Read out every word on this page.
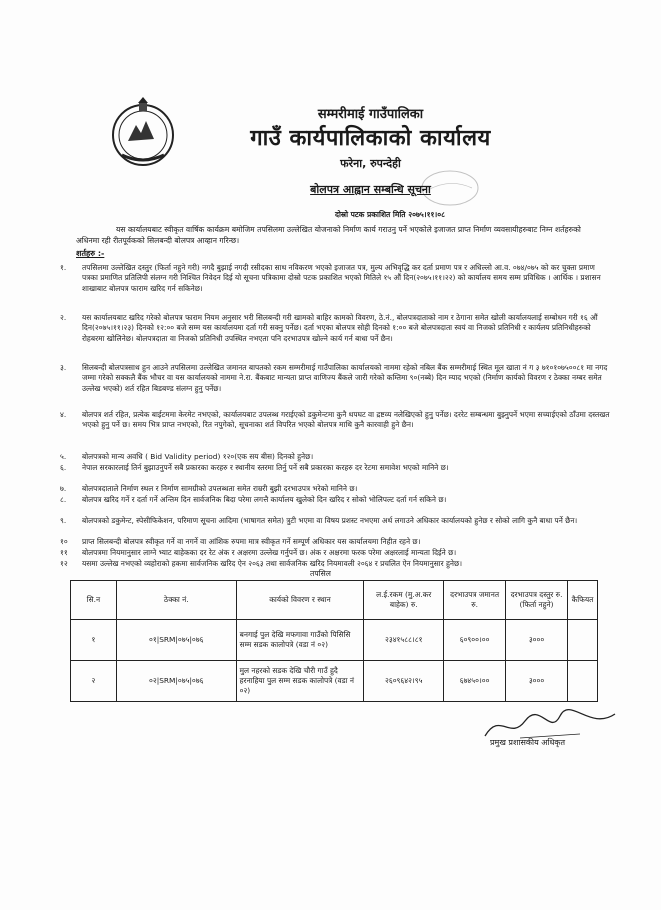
सम्मरीमाई गाउँपालिका
गाउँ कार्यपालिकाको कार्यालय
फरेना, रुपन्देही
बोलपत्र आह्वान सम्बन्धि सूचना
दोस्रो पटक प्रकाशित मिति २०७५।११।०८
यस कार्यालयबाट स्वीकृत वार्षिक कार्यक्रम बमोजिम तपसिलमा उल्लेखित योजनाको निर्माण कार्य गराउनु पर्ने भएकोले इजाजत प्राप्त निर्माण व्यवसायीहरुबाट निम्न शर्तहरुको अधिनमा रही रीतपूर्वकको सिलबन्दी बोलपत्र आव्हान गरिन्छ।
शर्तहरु :-
१.	तपसिलमा उल्लेखित दस्तुर (फिर्ता नहुने गरी) नगदै बुझाई नगदी रसीदका साथ नविकरण भएको इजाजत पत्र, मुल्य अभिवृद्धि कर दर्ता प्रमाण पत्र र अधिल्लो आ.व. ०७४/०७५ को कर चुक्ता प्रमाण पत्रका प्रमाणित प्रतिलिपी संलग्न गरी निश्चित निवेदन दिई यो सूचना पत्रिकामा दोस्रो पटक प्रकाशित भएको मितिले १५ औं दिन(२०७५।११।२२) को कार्यालय समय सम्म प्रविधिक । आर्थिक । प्रशासन शाखाबाट बोलपत्र फाराम खरिद गर्न सकिनेछ।
२.	यस कार्यालयबाट खरिद गरेको बोलपत्र फाराम नियम अनुसार भरी सिलबन्दी गरी खामको बाहिर कामको विवरण, ठे.नं., बोलपत्रदाताको नाम र ठेगाना समेत खोली कार्यालयलाई सम्बोधन गरी १६ औं दिन(२०७५।११।२३) दिनको १२:०० बजे सम्म यस कार्यालयमा दर्ता गरी सक्नु पर्नेछ। दर्ता भएका बोलपत्र सोही दिनको १:०० बजे बोलपत्रदाता स्वयं वा निजको प्रतिनिधी र कार्यलय प्रतिनिधीहरुको रोहबरमा खोलिनेछ। बोलपत्रदाता वा निजको प्रतिनिधी उपस्थित नभएता पनि दरभाउपत्र खोल्ने कार्य गर्न बाधा पर्ने छैन।
३.	सिलबन्दी बोलपत्रसाथ हुन आउने तपसिलमा उल्लेखित जमानत बापतको रकम सम्मरीमाई गाउँपालिका कार्यालयको नाममा रहेको नबिल बैंक सम्मरीमाई स्थित मूल खाता नं ग ३ ७१०१०७५००८१ मा नगद जम्मा गरेको सक्कलै बैंक भौचर वा यस कार्यालयको नाममा ने.रा. बैंकबाट मान्यता प्राप्त वाणिज्य बैंकले जारी गरेको कम्तिमा ९०(नब्बे) दिन म्याद भएको (निर्माण कार्यको विवरण र ठेक्का नम्बर समेत उल्लेख भएको) शर्त रहित बिडबण्ड संलग्न हुनु पर्नेछ।
४.	बोलपत्र शर्त रहित, प्रत्येक बाईटममा केरमेट नभएको, कार्यालयबाट उपलब्ध गराईएको डकुमेन्टमा कुनै थपघट वा द्रष्टव्य नलेखिएको हुनु पर्नेछ। दररेट सम्बन्धमा बुझ्नुपर्ने भएमा सच्याईएको ठाँउमा दस्तखत भएको हुनु पर्ने छ। समय भित्र प्राप्त नभएको, रित नपुगेको, सूचनाका शर्त विपरित भएको बोलपत्र माथि कुनै कारवाही हुने छैन।
५.	बोलपत्रको मान्य अवधि ( Bid Validity period) १२०(एक सय बीस) दिनको हुनेछ।
६.	नेपाल सरकारलाई तिर्न बुझाउनुपर्ने सबै प्रकारका करहरु र स्थानीय स्तरमा तिर्नु पर्ने सबै प्रकारका करहरु दर रेटमा समावेश भएको मानिने छ।
७.	बोलपत्रदाताले निर्माण स्थल र निर्माण सामग्रीको उपलब्धता समेत राम्ररी बुझी दरभाउपत्र भरेको मानिने छ।
८.	बोलपत्र खरिद गर्ने र दर्ता गर्ने अन्तिम दिन सार्वजनिक बिदा परेमा लगत्तै कार्यालय खुलेको दिन खरिद र सोको भोलिपल्ट दर्ता गर्न सकिने छ।
९.	बोलपत्रको डकुमेन्ट, स्पेसीफिकेशन, परिमाण सूचना आदिमा (भाषागत समेत) त्रुटी भएमा वा विषय प्रशस्ट नभएमा अर्थ लगाउने अधिकार कार्यालयको हुनेछ र सोको लागि कुनै बाधा पर्ने छैन।
१०	प्राप्त सिलबन्दी बोलपत्र स्वीकृत गर्ने वा नगर्ने वा आंशिक रुपमा मात्र स्वीकृत गर्ने सम्पूर्ण अधिकार यस कार्यालयमा निहीत रहने छ।
११	बोलपत्रमा नियमानुसार लाग्ने भ्याट बाहेकका दर रेट अंक र अक्षरमा उल्लेख गर्नुपर्ने छ। अंक र अक्षरमा फरक परेमा अक्षरलाई मान्यता दिईने छ।
१२	यसमा उल्लेख नभएको व्यहोराको हकमा सार्वजनिक खरिद ऐन २०६३ तथा सार्वजनिक खरिद नियमावली २०६४ र प्रचलित ऐन नियमानुसार हुनेछ।
तपसिल
सि.न	ठेक्का नं.	कार्यको विवरण र स्थान	ल.ई.रकम (मु.अ.कर बाहेक) रु.	दरभाउपत्र जमानत रु.	दरभाउपत्र दस्तुर रु. (फिर्ता नहुने)	कैफियत
१	०१|SRM|०७५|०७६	बनगाई पुल देखि मफगावा गाउँको पिसिसि सम्म सडक कालोपत्रे (वडा नं ०२)	२३४१५८८।८१	६०९००।००	३०००	
२	०२|SRM|०७५|०७६	मुल नहरको सडक देखि चौरी गाउँ हुदै हरनाहिया पुल सम्म सडक कालोपत्रे (वडा नं ०२)	२६०९६४२।९५	६७४५०।००	३०००	
प्रमुख प्रशासकीय अधिकृत
